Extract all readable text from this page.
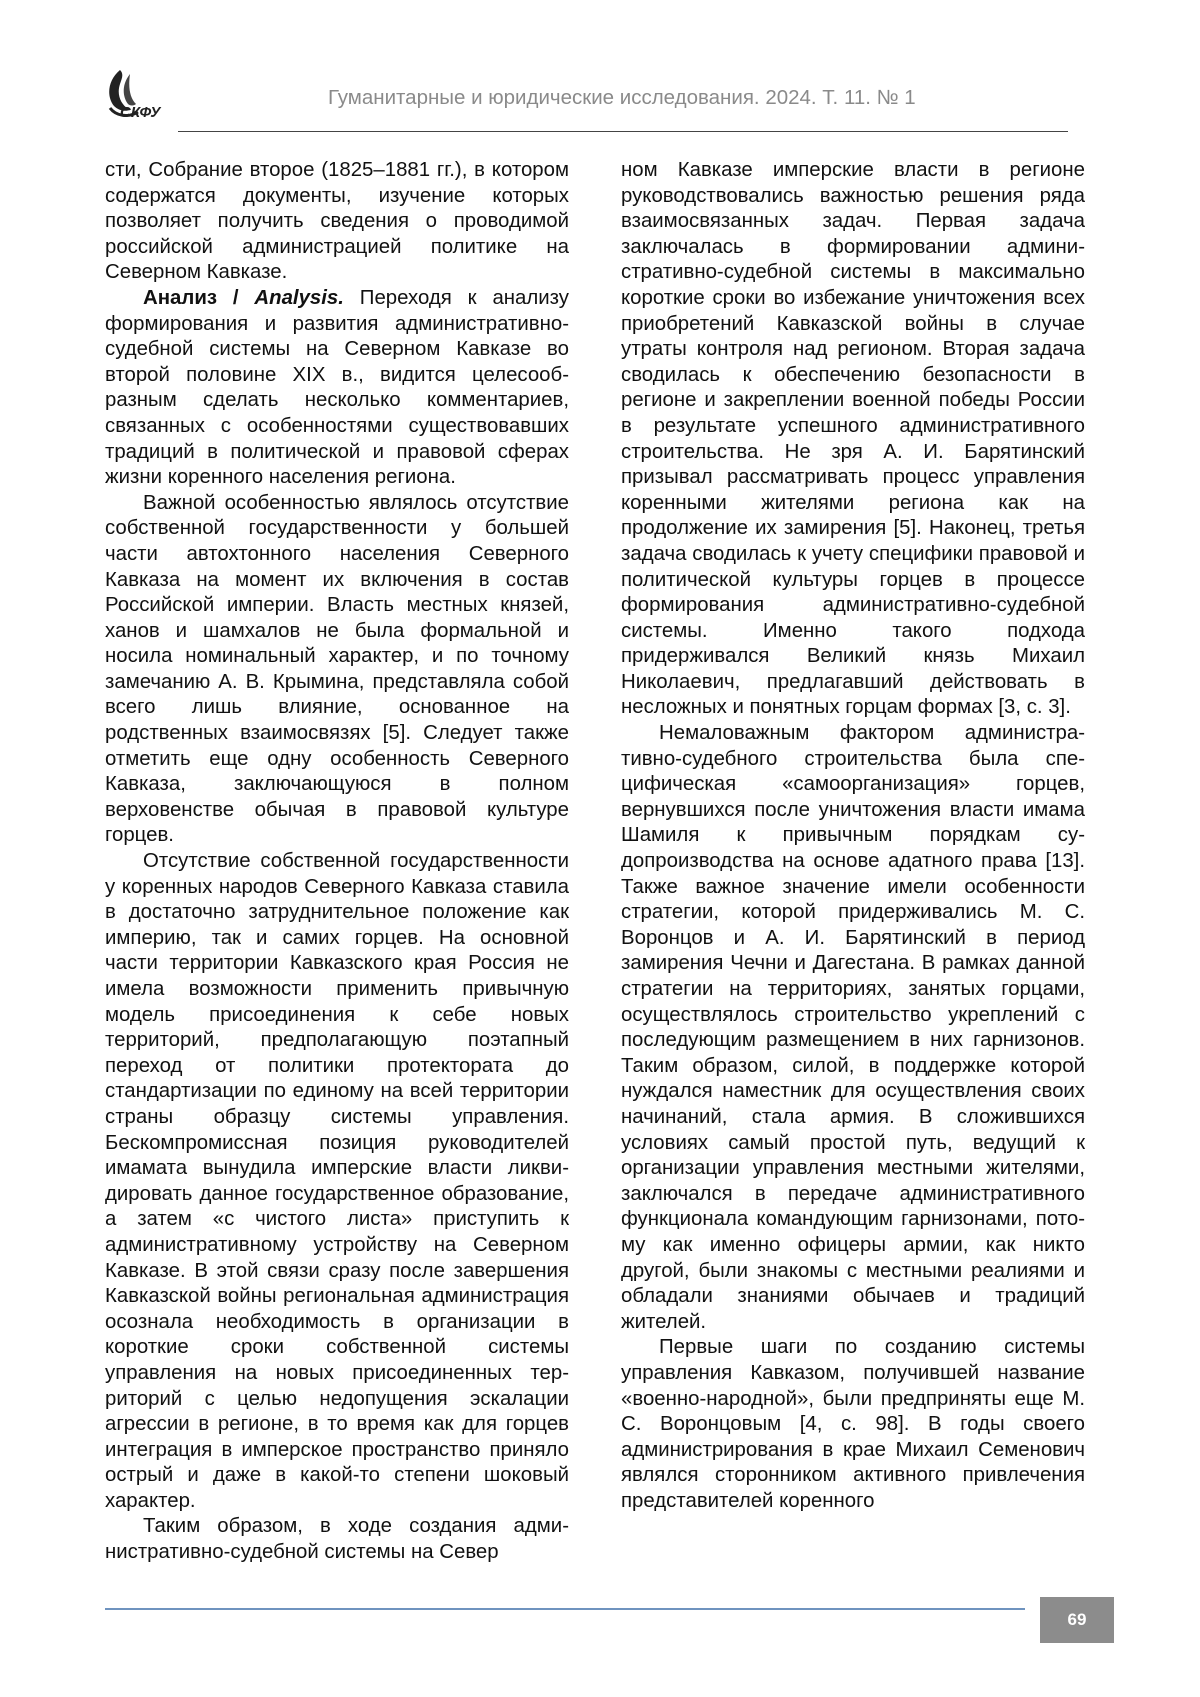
СКФУ
Гуманитарные и юридические исследования. 2024. Т. 11. № 1

сти, Собрание второе (1825–1881 гг.), в котором содержатся документы, изучение которых позволяет получить сведения о проводимой российской администрацией политике на Северном Кавказе.

Анализ / Analysis. Переходя к анализу формирования и развития административно-судебной системы на Северном Кавказе во второй половине XIX в., видится целесообразным сделать несколько комментариев, связанных с особенностями существовавших традиций в политической и правовой сферах жизни коренного населения региона.

Важной особенностью являлось отсутствие собственной государственности у большей части автохтонного населения Северного Кавказа на момент их включения в состав Российской империи. Власть местных князей, ханов и шамхалов не была формальной и носила номинальный характер, и по точному замечанию А. В. Крымина, представляла собой всего лишь влияние, основанное на родственных взаимосвязях [5]. Следует также отметить еще одну особенность Северного Кавказа, заключающуюся в полном верховенстве обычая в правовой культуре горцев.

Отсутствие собственной государственности у коренных народов Северного Кавказа ставила в достаточно затруднительное положение как империю, так и самих горцев. На основной части территории Кавказского края Россия не имела возможности применить привычную модель присоединения к себе новых территорий, предполагающую поэтапный переход от политики протектората до стандартизации по единому на всей территории страны образцу системы управления. Бескомпромиссная позиция руководителей имамата вынудила имперские власти ликвидировать данное государственное образование, а затем «с чистого листа» приступить к административному устройству на Северном Кавказе. В этой связи сразу после завершения Кавказской войны региональная администрация осознала необходимость в организации в короткие сроки собственной системы управления на новых присоединенных территорий с целью недопущения эскалации агрессии в регионе, в то время как для горцев интеграция в имперское пространство приняло острый и даже в какой-то степени шоковый характер.

Таким образом, в ходе создания административно-судебной системы на Север

ном Кавказе имперские власти в регионе руководствовались важностью решения ряда взаимосвязанных задач. Первая задача заключалась в формировании административно-судебной системы в максимально короткие сроки во избежание уничтожения всех приобретений Кавказской войны в случае утраты контроля над регионом. Вторая задача сводилась к обеспечению безопасности в регионе и закреплении военной победы России в результате успешного административного строительства. Не зря А. И. Барятинский призывал рассматривать процесс управления коренными жителями региона как на продолжение их замирения [5]. Наконец, третья задача сводилась к учету специфики правовой и политической культуры горцев в процессе формирования административно-судебной системы. Именно такого подхода придерживался Великий князь Михаил Николаевич, предлагавший действовать в несложных и понятных горцам формах [3, с. 3].

Немаловажным фактором административно-судебного строительства была специфическая «самоорганизация» горцев, вернувшихся после уничтожения власти имама Шамиля к привычным порядкам судопроизводства на основе адатного права [13]. Также важное значение имели особенности стратегии, которой придерживались М. С. Воронцов и А. И. Барятинский в период замирения Чечни и Дагестана. В рамках данной стратегии на территориях, занятых горцами, осуществлялось строительство укреплений с последующим размещением в них гарнизонов. Таким образом, силой, в поддержке которой нуждался наместник для осуществления своих начинаний, стала армия. В сложившихся условиях самый простой путь, ведущий к организации управления местными жителями, заключался в передаче административного функционала командующим гарнизонами, потому как именно офицеры армии, как никто другой, были знакомы с местными реалиями и обладали знаниями обычаев и традиций жителей.

Первые шаги по созданию системы управления Кавказом, получившей название «военно-народной», были предприняты еще М. С. Воронцовым [4, с. 98]. В годы своего администрирования в крае Михаил Семенович являлся сторонником активного привлечения представителей коренного

69
